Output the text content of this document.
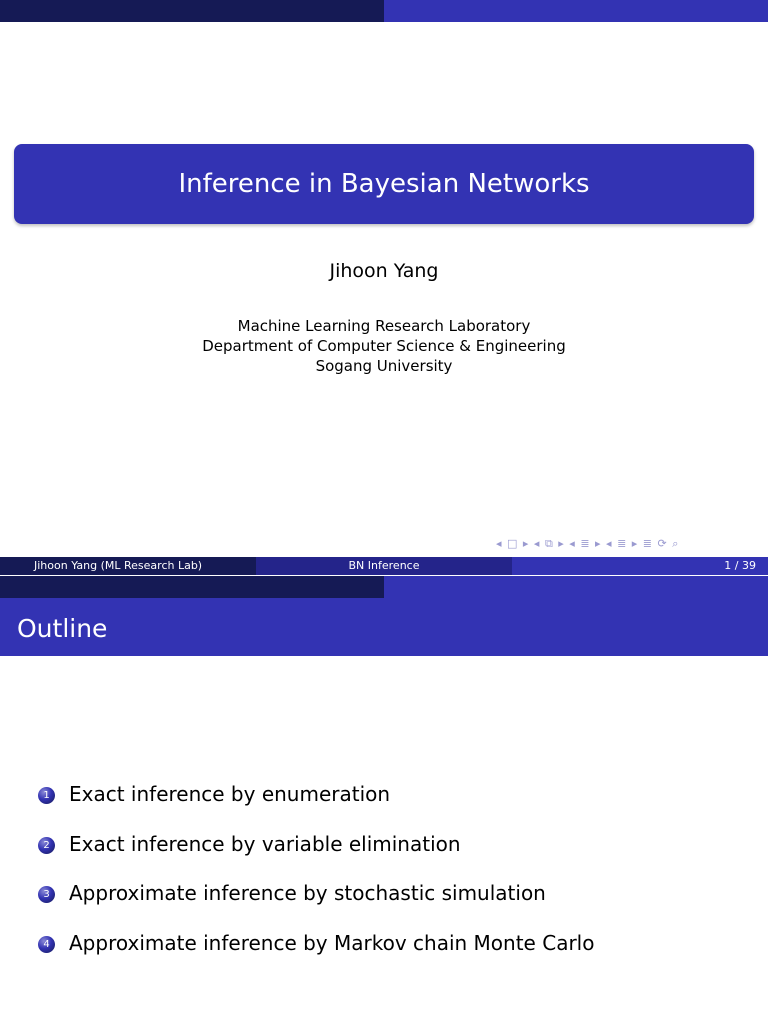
Inference in Bayesian Networks
Jihoon Yang
Machine Learning Research Laboratory
Department of Computer Science & Engineering
Sogang University
◂ □ ▸ ◂ ⧉ ▸ ◂ ≣ ▸ ◂ ≣ ▸ ≣ ⟳ ⌕
Jihoon Yang (ML Research Lab)	BN Inference	1 / 39
Outline
1 Exact inference by enumeration
2 Exact inference by variable elimination
3 Approximate inference by stochastic simulation
4 Approximate inference by Markov chain Monte Carlo
